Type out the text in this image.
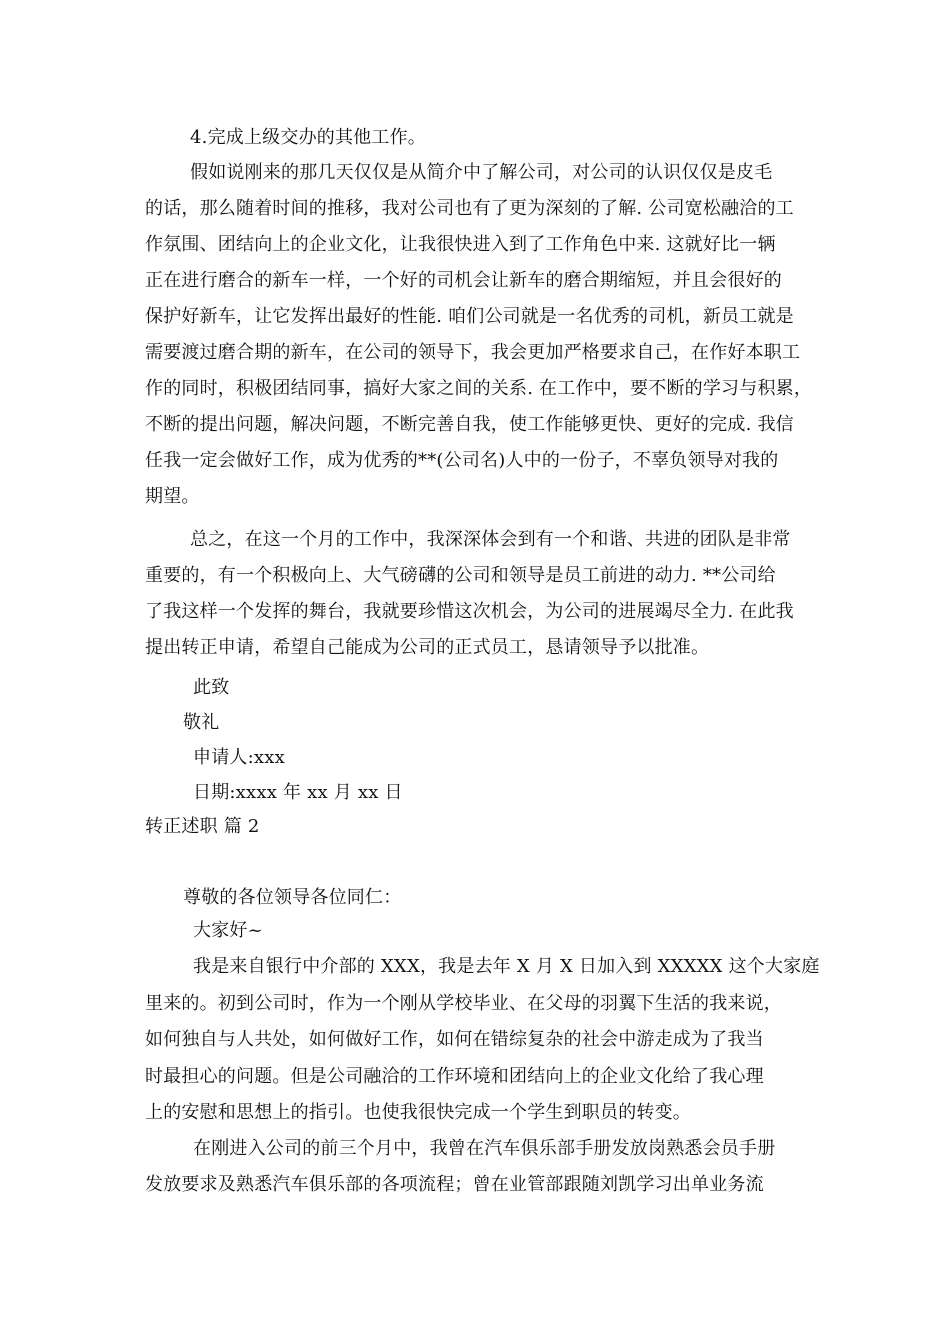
4.完成上级交办的其他工作。
假如说刚来的那几天仅仅是从简介中了解公司，对公司的认识仅仅是皮毛
的话，那么随着时间的推移，我对公司也有了更为深刻的了解. 公司宽松融洽的工
作氛围、团结向上的企业文化，让我很快进入到了工作角色中来. 这就好比一辆
正在进行磨合的新车一样，一个好的司机会让新车的磨合期缩短，并且会很好的
保护好新车，让它发挥出最好的性能. 咱们公司就是一名优秀的司机，新员工就是
需要渡过磨合期的新车，在公司的领导下，我会更加严格要求自己，在作好本职工
作的同时，积极团结同事，搞好大家之间的关系. 在工作中，要不断的学习与积累，
不断的提出问题，解决问题，不断完善自我，使工作能够更快、更好的完成. 我信
任我一定会做好工作，成为优秀的**(公司名)人中的一份子，不辜负领导对我的
期望。
总之，在这一个月的工作中，我深深体会到有一个和谐、共进的团队是非常
重要的，有一个积极向上、大气磅礴的公司和领导是员工前进的动力. **公司给
了我这样一个发挥的舞台，我就要珍惜这次机会，为公司的进展竭尽全力. 在此我
提出转正申请，希望自己能成为公司的正式员工，恳请领导予以批准。
此致
敬礼
申请人:xxx
日期:xxxx 年 xx 月 xx 日
转正述职 篇 2
尊敬的各位领导各位同仁：
大家好~
我是来自银行中介部的 XXX，我是去年 X 月 X 日加入到 XXXXX 这个大家庭
里来的。初到公司时，作为一个刚从学校毕业、在父母的羽翼下生活的我来说，
如何独自与人共处，如何做好工作，如何在错综复杂的社会中游走成为了我当
时最担心的问题。但是公司融洽的工作环境和团结向上的企业文化给了我心理
上的安慰和思想上的指引。也使我很快完成一个学生到职员的转变。
在刚进入公司的前三个月中，我曾在汽车俱乐部手册发放岗熟悉会员手册
发放要求及熟悉汽车俱乐部的各项流程；曾在业管部跟随刘凯学习出单业务流
